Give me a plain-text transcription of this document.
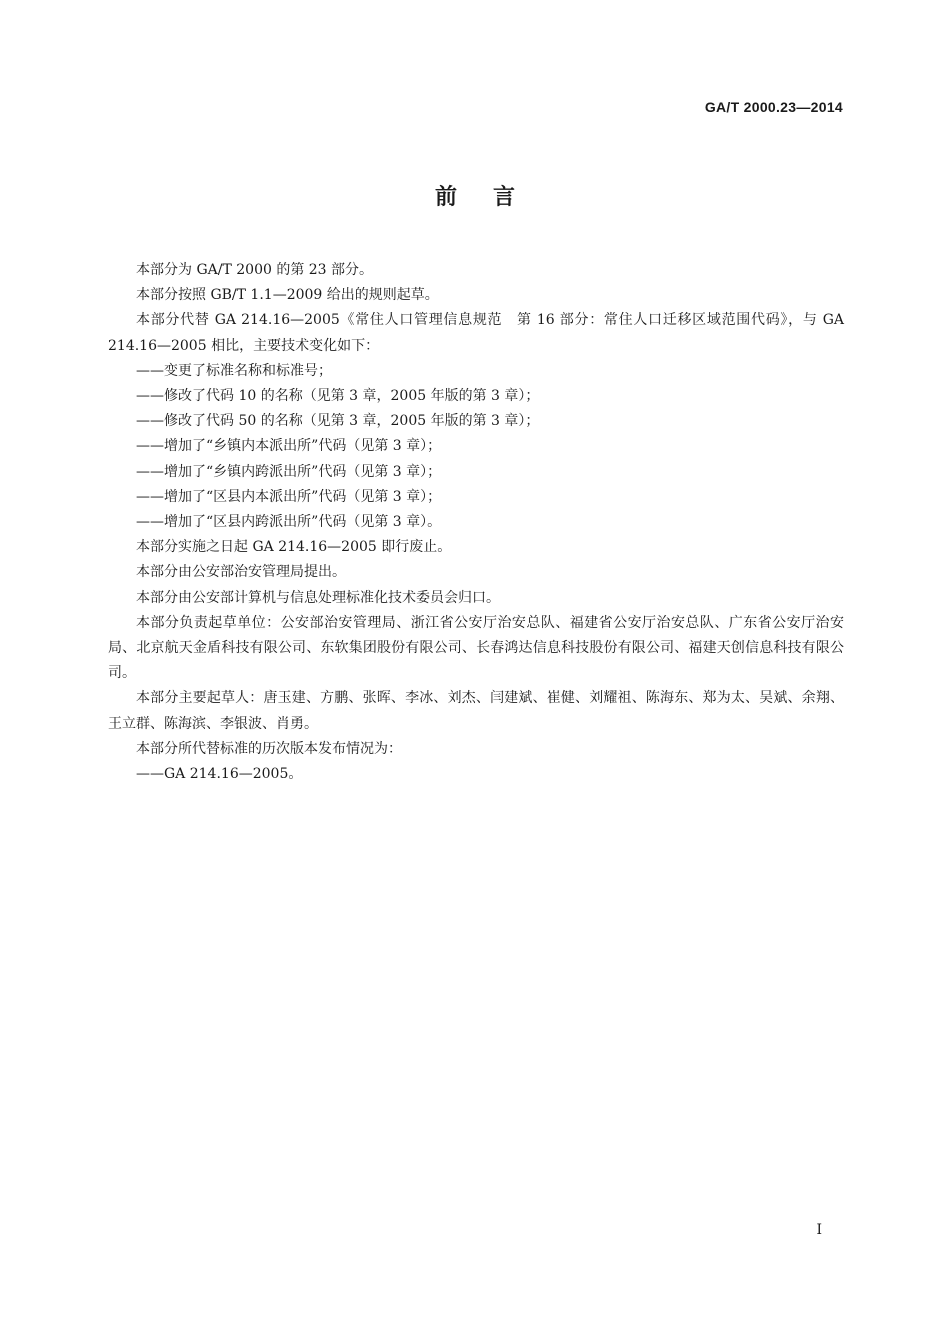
GA/T 2000.23—2014
前言

本部分为 GA/T 2000 的第 23 部分。

本部分按照 GB/T 1.1—2009 给出的规则起草。

本部分代替 GA 214.16—2005《常住人口管理信息规范　第 16 部分：常住人口迁移区域范围代码》，与 GA 214.16—2005 相比，主要技术变化如下：

——变更了标准名称和标准号；

——修改了代码 10 的名称（见第 3 章，2005 年版的第 3 章）；

——修改了代码 50 的名称（见第 3 章，2005 年版的第 3 章）；

——增加了“乡镇内本派出所”代码（见第 3 章）；

——增加了“乡镇内跨派出所”代码（见第 3 章）；

——增加了“区县内本派出所”代码（见第 3 章）；

——增加了“区县内跨派出所”代码（见第 3 章）。

本部分实施之日起 GA 214.16—2005 即行废止。

本部分由公安部治安管理局提出。

本部分由公安部计算机与信息处理标准化技术委员会归口。

本部分负责起草单位：公安部治安管理局、浙江省公安厅治安总队、福建省公安厅治安总队、广东省公安厅治安局、北京航天金盾科技有限公司、东软集团股份有限公司、长春鸿达信息科技股份有限公司、福建天创信息科技有限公司。

本部分主要起草人：唐玉建、方鹏、张晖、李冰、刘杰、闫建斌、崔健、刘耀祖、陈海东、郑为太、吴斌、余翔、王立群、陈海滨、李银波、肖勇。

本部分所代替标准的历次版本发布情况为：

——GA 214.16—2005。

I
